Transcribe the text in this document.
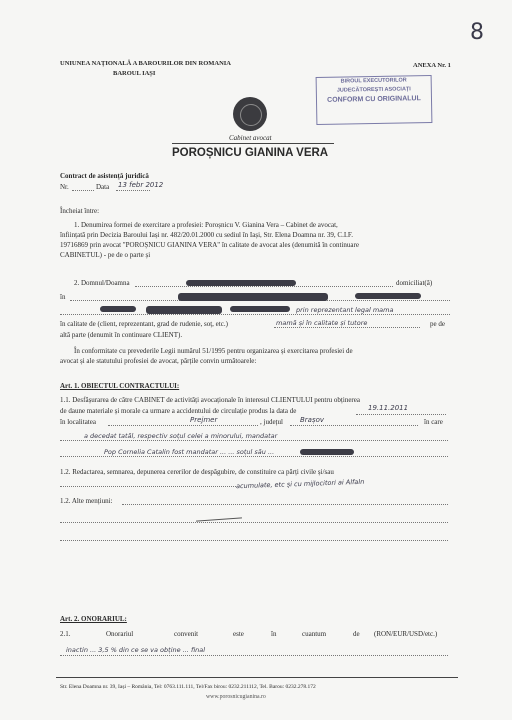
UNIUNEA NAȚIONALĂ A BAROURILOR DIN ROMANIA
BAROUL IAȘI
ANEXA Nr. 1
8
BIROUL EXECUTORILOR
JUDECĂTOREȘTI ASOCIAȚI
CONFORM CU ORIGINALUL
Cabinet avocat
POROȘNICU GIANINA VERA
Contract de asistență juridică
Nr.	Data 13 febr 2012
Încheiat între:
1. Denumirea formei de exercitare a profesiei: Poroșnicu V. Gianina Vera – Cabinet de avocat,
înființată prin Decizia Baroului Iași nr. 482/20.01.2000 cu sediul în Iași, Str. Elena Doamna nr. 39, C.I.F.
19716869 prin avocat "POROȘNICU GIANINA VERA" în calitate de avocat ales (denumită în continuare
CABINETUL) - pe de o parte și
2. Domnul/Doamna	domiciliat(ă)
în
prin reprezentant legal mama
în calitate de (client, reprezentant, grad de rudenie, soț, etc.)	mamă și în calitate și tutore	pe de
altă parte (denumit în continuare CLIENT).
În conformitate cu prevederile Legii numărul 51/1995 pentru organizarea și exercitarea profesiei de
avocat și ale statutului profesiei de avocat, părțile convin următoarele:
Art. 1. OBIECTUL CONTRACTULUI:
1.1. Desfășurarea de către CABINET de activități avocaționale în interesul CLIENTULUI pentru obținerea
de daune materiale și morale ca urmare a accidentului de circulație produs la data de	19.11.2011
în localitatea	Prejmer	, județul Brașov	în care
a decedat tatăl, respectiv soțul celei a minorului, mandatar
Pop Cornelia Catalin fost mandatar ... ... soțul său ...
1.2. Redactarea, semnarea, depunerea cererilor de despăgubire, de constituire ca părți civile și/sau
acumulate, etc și cu mijlocitori ai Alfaln
1.2. Alte mențiuni:
Art. 2. ONORARIUL:
2.1.	Onorariul	convenit	este	în	cuantum	de (RON/EUR/USD/etc.)
inactin ... 3,5 % din ce se va obține ... final
Str. Elena Doamna nr. 39, Iași – România, Tel: 0763.111.111, Tel/Fax birou: 0232.211112, Tel. Barou: 0232.278.172
www.porosnicugianina.ro
